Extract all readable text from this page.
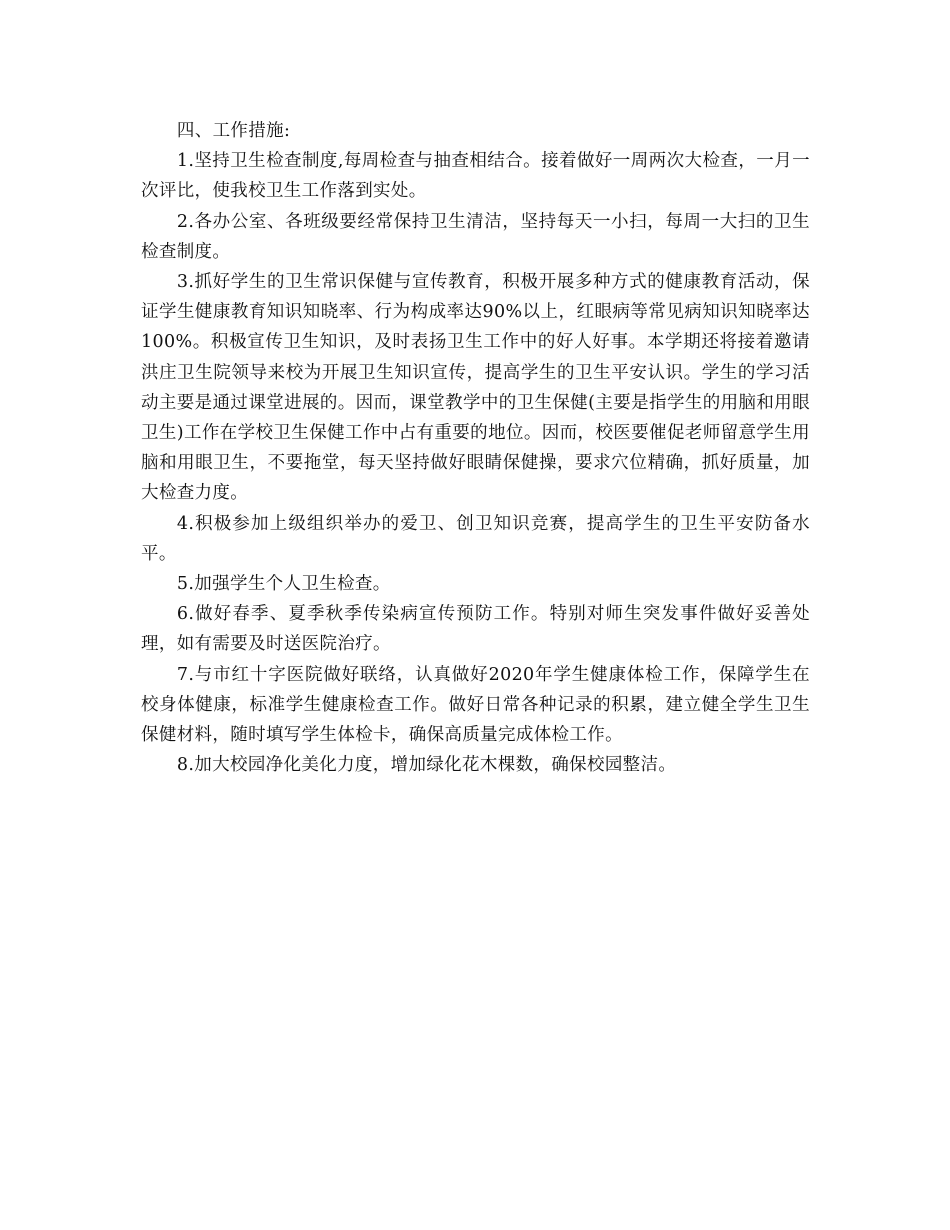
四、工作措施:

1.坚持卫生检查制度,每周检查与抽查相结合。接着做好一周两次大检查，一月一次评比，使我校卫生工作落到实处。

2.各办公室、各班级要经常保持卫生清洁，坚持每天一小扫，每周一大扫的卫生检查制度。

3.抓好学生的卫生常识保健与宣传教育，积极开展多种方式的健康教育活动，保证学生健康教育知识知晓率、行为构成率达90%以上，红眼病等常见病知识知晓率达100%。积极宣传卫生知识，及时表扬卫生工作中的好人好事。本学期还将接着邀请洪庄卫生院领导来校为开展卫生知识宣传，提高学生的卫生平安认识。学生的学习活动主要是通过课堂进展的。因而，课堂教学中的卫生保健(主要是指学生的用脑和用眼卫生)工作在学校卫生保健工作中占有重要的地位。因而，校医要催促老师留意学生用脑和用眼卫生，不要拖堂，每天坚持做好眼睛保健操，要求穴位精确，抓好质量，加大检查力度。

4.积极参加上级组织举办的爱卫、创卫知识竞赛，提高学生的卫生平安防备水平。

5.加强学生个人卫生检查。

6.做好春季、夏季秋季传染病宣传预防工作。特别对师生突发事件做好妥善处理，如有需要及时送医院治疗。

7.与市红十字医院做好联络，认真做好2020年学生健康体检工作，保障学生在校身体健康，标准学生健康检查工作。做好日常各种记录的积累，建立健全学生卫生保健材料，随时填写学生体检卡，确保高质量完成体检工作。

8.加大校园净化美化力度，增加绿化花木棵数，确保校园整洁。
